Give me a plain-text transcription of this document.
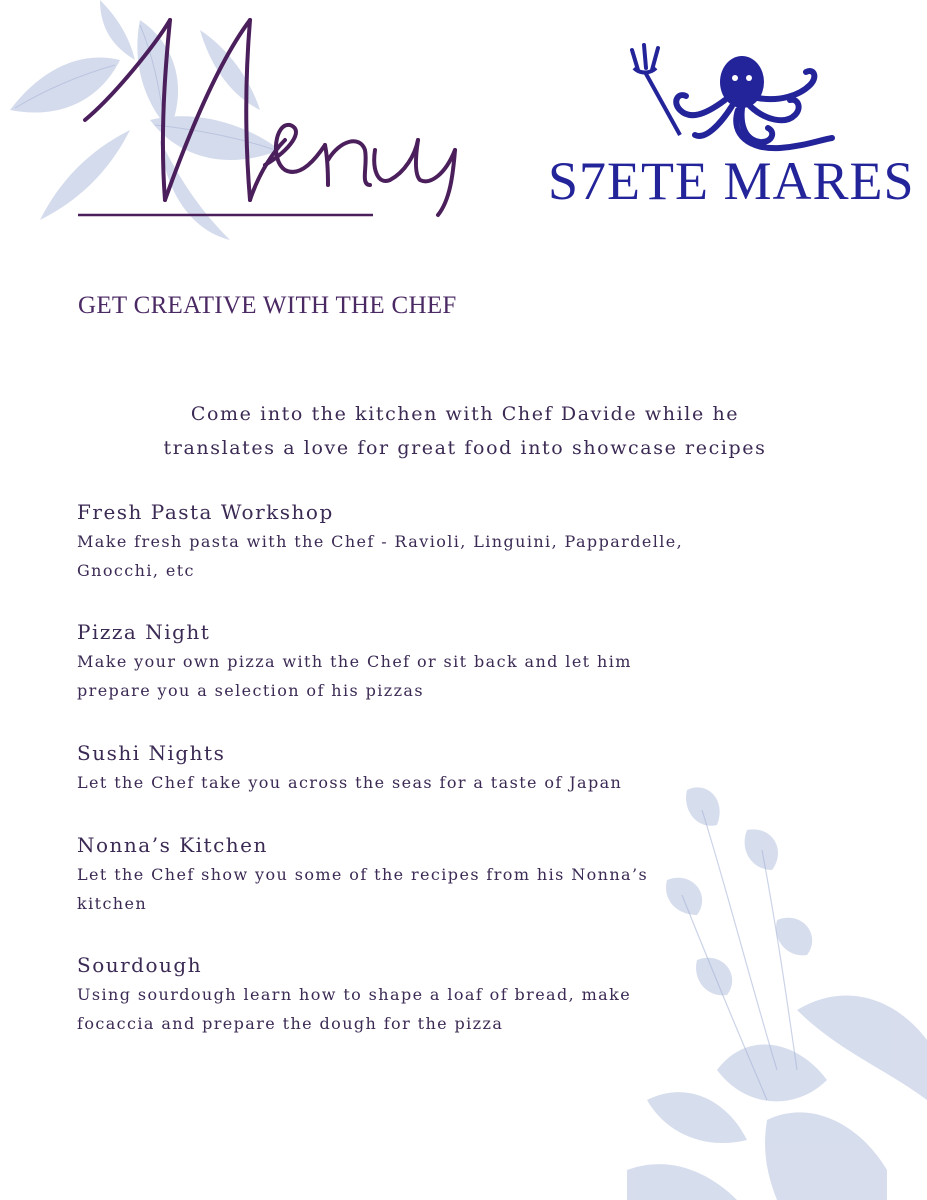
S7ETE MARES
GET CREATIVE WITH THE CHEF
Come into the kitchen with Chef Davide while he
translates a love for great food into showcase recipes
Fresh Pasta Workshop
Make fresh pasta with the Chef - Ravioli, Linguini, Pappardelle,
Gnocchi, etc
Pizza Night
Make your own pizza with the Chef or sit back and let him
prepare you a selection of his pizzas
Sushi Nights
Let the Chef take you across the seas for a taste of Japan
Nonna’s Kitchen
Let the Chef show you some of the recipes from his Nonna’s
kitchen
Sourdough
Using sourdough learn how to shape a loaf of bread, make
focaccia and prepare the dough for the pizza
